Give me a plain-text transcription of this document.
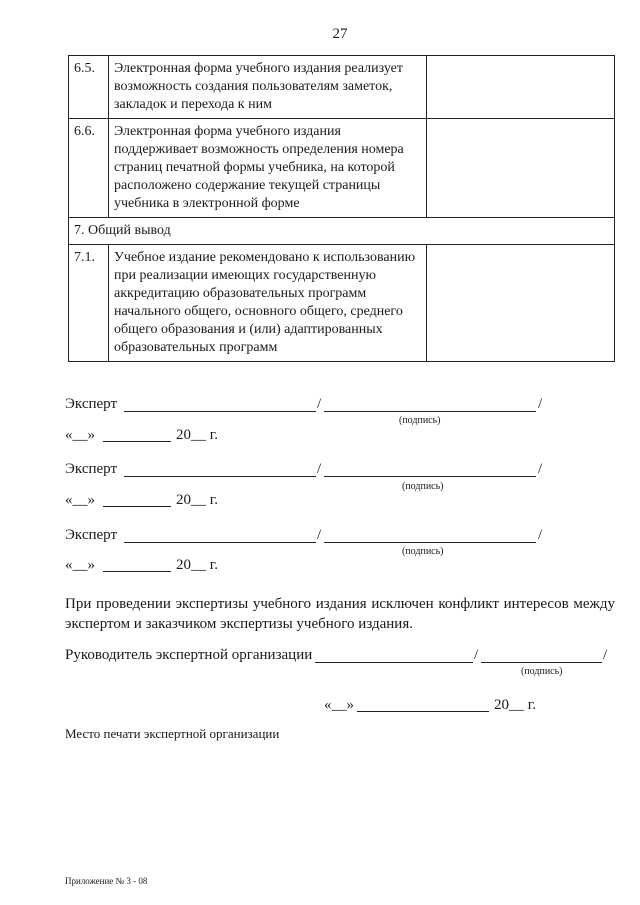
27
6.5.	Электронная форма учебного издания реализует возможность создания пользователям заметок, закладок и перехода к ним	
6.6.	Электронная форма учебного издания поддерживает возможность определения номера страниц печатной формы учебника, на которой расположено содержание текущей страницы учебника в электронной форме	
7. Общий вывод		
7.1.	Учебное издание рекомендовано к использованию при реализации имеющих государственную аккредитацию образовательных программ начального общего, основного общего, среднего общего образования и (или) адаптированных образовательных программ	
Эксперт	/	/
(подпись)
«__»	20__ г.
Эксперт	/	/
(подпись)
«__»	20__ г.
Эксперт	/	/
(подпись)
«__»	20__ г.
При проведении экспертизы учебного издания исключен конфликт интересов между экспертом и заказчиком экспертизы учебного издания.
Руководитель экспертной организации	/	/
(подпись)
«__»	20__ г.
Место печати экспертной организации
Приложение № 3 - 08
